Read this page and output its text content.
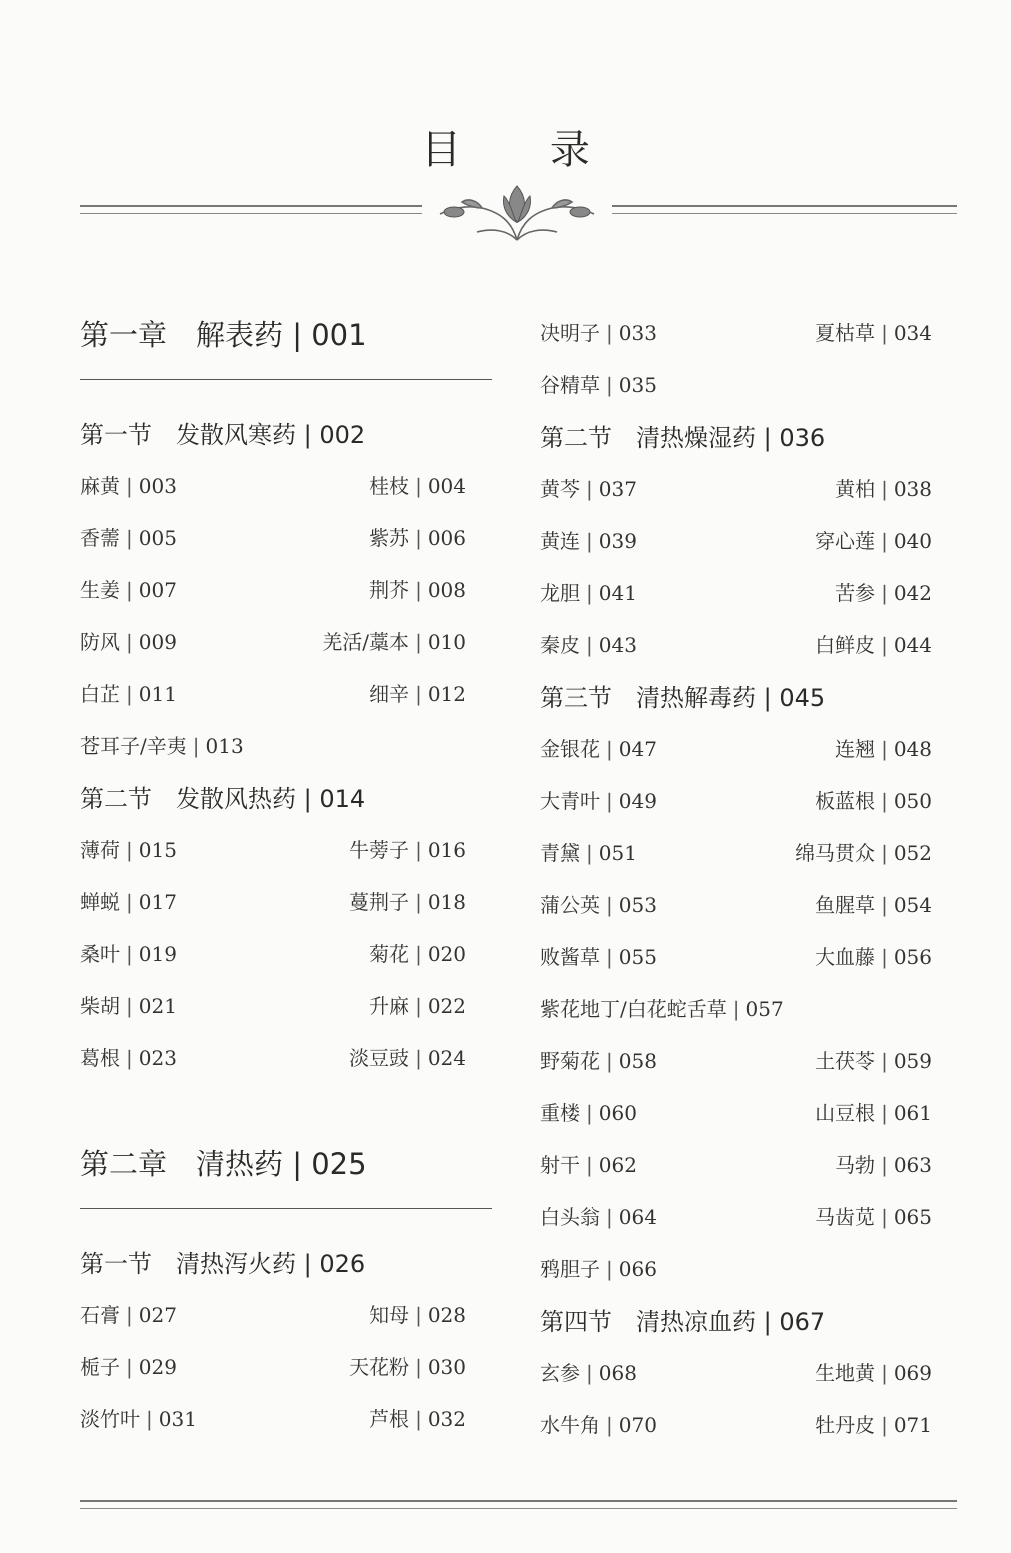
目 录
第一章　解表药 | 001
第一节　发散风寒药 | 002
麻黄 | 003	桂枝 | 004
香薷 | 005	紫苏 | 006
生姜 | 007	荆芥 | 008
防风 | 009	羌活/藁本 | 010
白芷 | 011	细辛 | 012
苍耳子/辛夷 | 013
第二节　发散风热药 | 014
薄荷 | 015	牛蒡子 | 016
蝉蜕 | 017	蔓荆子 | 018
桑叶 | 019	菊花 | 020
柴胡 | 021	升麻 | 022
葛根 | 023	淡豆豉 | 024
第二章　清热药 | 025
第一节　清热泻火药 | 026
石膏 | 027	知母 | 028
栀子 | 029	天花粉 | 030
淡竹叶 | 031	芦根 | 032
决明子 | 033	夏枯草 | 034
谷精草 | 035
第二节　清热燥湿药 | 036
黄芩 | 037	黄柏 | 038
黄连 | 039	穿心莲 | 040
龙胆 | 041	苦参 | 042
秦皮 | 043	白鲜皮 | 044
第三节　清热解毒药 | 045
金银花 | 047	连翘 | 048
大青叶 | 049	板蓝根 | 050
青黛 | 051	绵马贯众 | 052
蒲公英 | 053	鱼腥草 | 054
败酱草 | 055	大血藤 | 056
紫花地丁/白花蛇舌草 | 057
野菊花 | 058	土茯苓 | 059
重楼 | 060	山豆根 | 061
射干 | 062	马勃 | 063
白头翁 | 064	马齿苋 | 065
鸦胆子 | 066
第四节　清热凉血药 | 067
玄参 | 068	生地黄 | 069
水牛角 | 070	牡丹皮 | 071
